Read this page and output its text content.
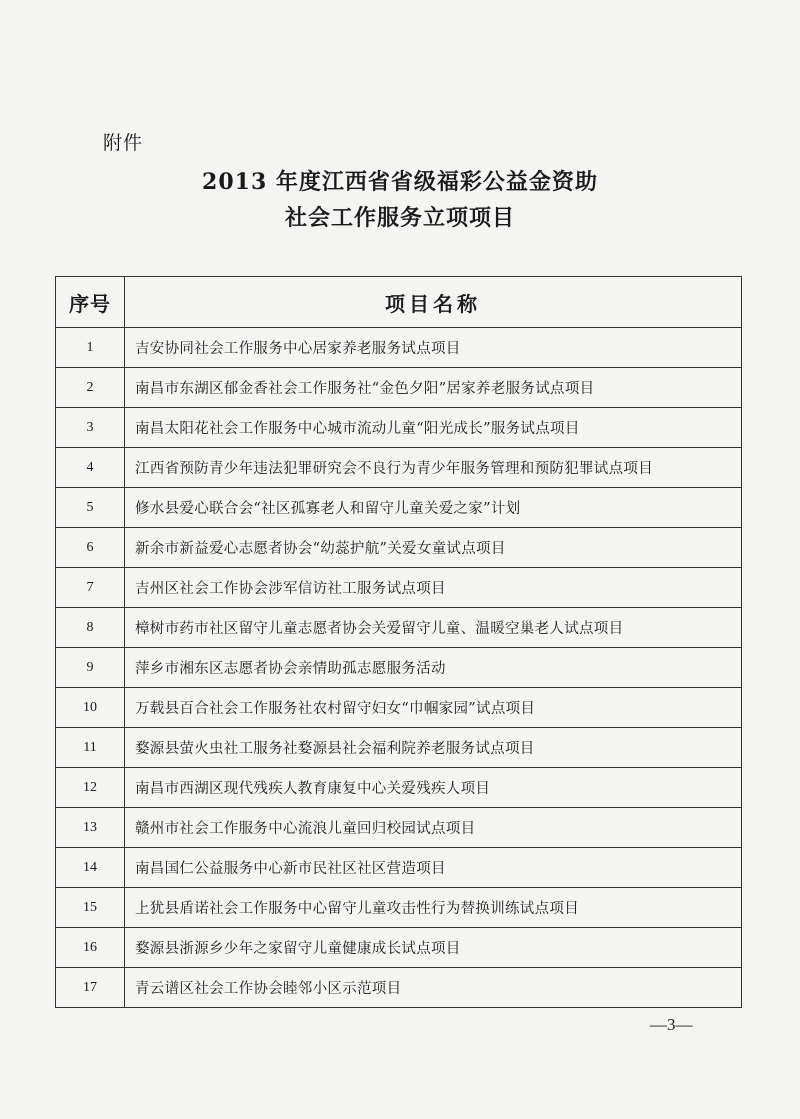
附件
2013 年度江西省省级福彩公益金资助
社会工作服务立项项目
序号	项目名称
1	吉安协同社会工作服务中心居家养老服务试点项目
2	南昌市东湖区郁金香社会工作服务社“金色夕阳”居家养老服务试点项目
3	南昌太阳花社会工作服务中心城市流动儿童“阳光成长”服务试点项目
4	江西省预防青少年违法犯罪研究会不良行为青少年服务管理和预防犯罪试点项目
5	修水县爱心联合会“社区孤寡老人和留守儿童关爱之家”计划
6	新余市新益爱心志愿者协会“幼蕊护航”关爱女童试点项目
7	吉州区社会工作协会涉军信访社工服务试点项目
8	樟树市药市社区留守儿童志愿者协会关爱留守儿童、温暖空巢老人试点项目
9	萍乡市湘东区志愿者协会亲情助孤志愿服务活动
10	万载县百合社会工作服务社农村留守妇女“巾帼家园”试点项目
11	婺源县萤火虫社工服务社婺源县社会福利院养老服务试点项目
12	南昌市西湖区现代残疾人教育康复中心关爱残疾人项目
13	赣州市社会工作服务中心流浪儿童回归校园试点项目
14	南昌国仁公益服务中心新市民社区社区营造项目
15	上犹县盾诺社会工作服务中心留守儿童攻击性行为替换训练试点项目
16	婺源县浙源乡少年之家留守儿童健康成长试点项目
17	青云谱区社会工作协会睦邻小区示范项目
—3—
